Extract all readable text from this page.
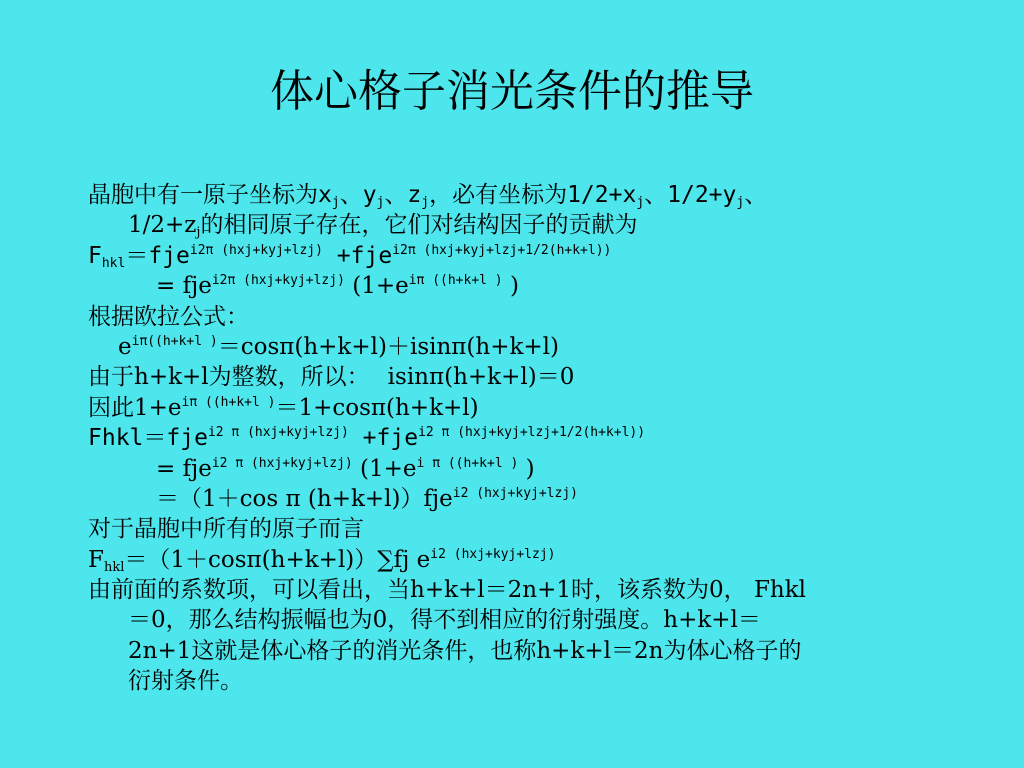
体心格子消光条件的推导
晶胞中有一原子坐标为$x_j$、$y_j$、$z_j$，必有坐标为$1/2+x_j$、$1/2+y_j$、
$1/2+z_j$的相同原子存在，它们对结构因子的贡献为
$F_{hkl}=fje^{i2\pi (hxj+kyj+lzj)} +fje^{i2\pi (hxj+kyj+lzj+1/2(h+k+l))}$
= fje$^{i2\pi (hxj+kyj+lzj)}$ ($1+e^{i\pi ((h+k+l )}$ )
根据欧拉公式：
$e^{i\pi((h+k+l )}=\cos\pi(h+k+l)+isin\pi(h+k+l)$
由于h+k+l为整数，所以： isinπ(h+k+l)＝0
因此$1+e^{i\pi ((h+k+l )}=1+\cos\pi(h+k+l)$
Fhkl＝fje$^{i2 \pi (hxj+kyj+lzj)}$ +fje$^{i2 \pi (hxj+kyj+lzj+1/2(h+k+l))}$
= fje$^{i2 \pi (hxj+kyj+lzj)}$ ($1+e^{i \pi ((h+k+l )}$ )
＝（1＋cos π (h+k+l)）fje$^{i2 (hxj+kyj+lzj)}$
对于晶胞中所有的原子而言
$F_{hkl}=(1+\cos\pi(h+k+l))\sum fj$ $e^{i2 (hxj+kyj+lzj)}$
由前面的系数项，可以看出，当h+k+l＝2n+1时，该系数为0， Fhkl
＝0，那么结构振幅也为0，得不到相应的衍射强度。h+k+l＝
2n+1这就是体心格子的消光条件，也称h+k+l＝2n为体心格子的
衍射条件。
